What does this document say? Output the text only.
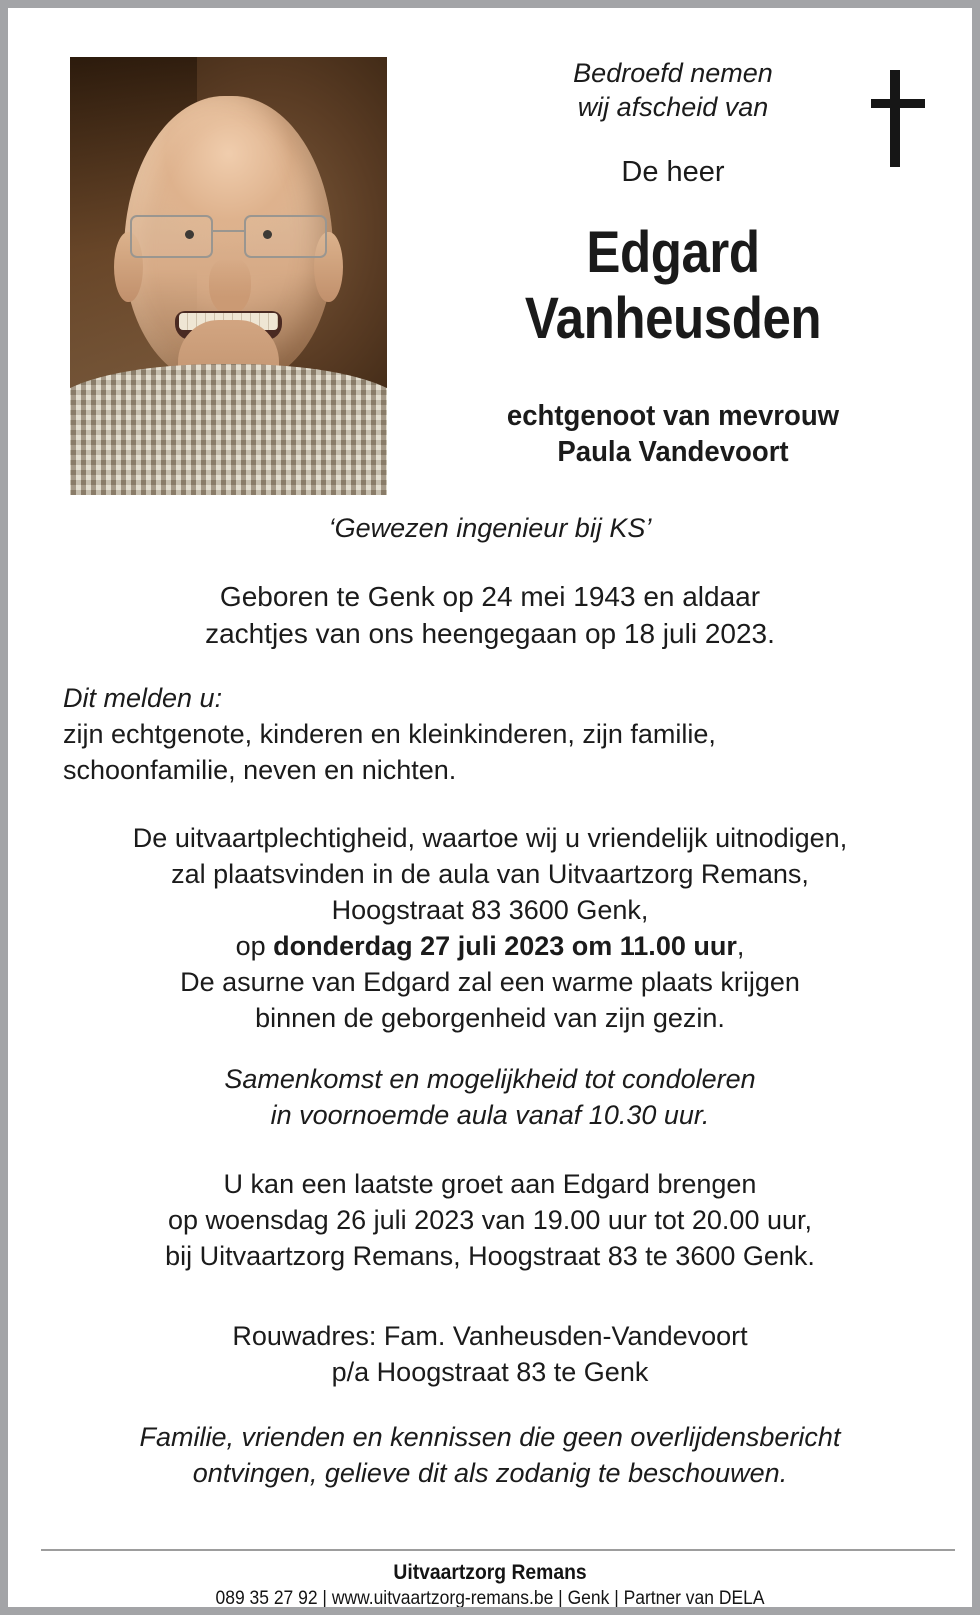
Bedroefd nemen
wij afscheid van
De heer
Edgard
Vanheusden
echtgenoot van mevrouw
Paula Vandevoort
‘Gewezen ingenieur bij KS’
Geboren te Genk op 24 mei 1943 en aldaar
zachtjes van ons heengegaan op 18 juli 2023.
Dit melden u:
zijn echtgenote, kinderen en kleinkinderen, zijn familie,
schoonfamilie, neven en nichten.
De uitvaartplechtigheid, waartoe wij u vriendelijk uitnodigen,
zal plaatsvinden in de aula van Uitvaartzorg Remans,
Hoogstraat 83 3600 Genk,
op donderdag 27 juli 2023 om 11.00 uur,
De asurne van Edgard zal een warme plaats krijgen
binnen de geborgenheid van zijn gezin.
Samenkomst en mogelijkheid tot condoleren
in voornoemde aula vanaf 10.30 uur.
U kan een laatste groet aan Edgard brengen
op woensdag 26 juli 2023 van 19.00 uur tot 20.00 uur,
bij Uitvaartzorg Remans, Hoogstraat 83 te 3600 Genk.
Rouwadres: Fam. Vanheusden-Vandevoort
p/a Hoogstraat 83 te Genk
Familie, vrienden en kennissen die geen overlijdensbericht
ontvingen, gelieve dit als zodanig te beschouwen.
Uitvaartzorg Remans
089 35 27 92 | www.uitvaartzorg-remans.be | Genk | Partner van DELA
